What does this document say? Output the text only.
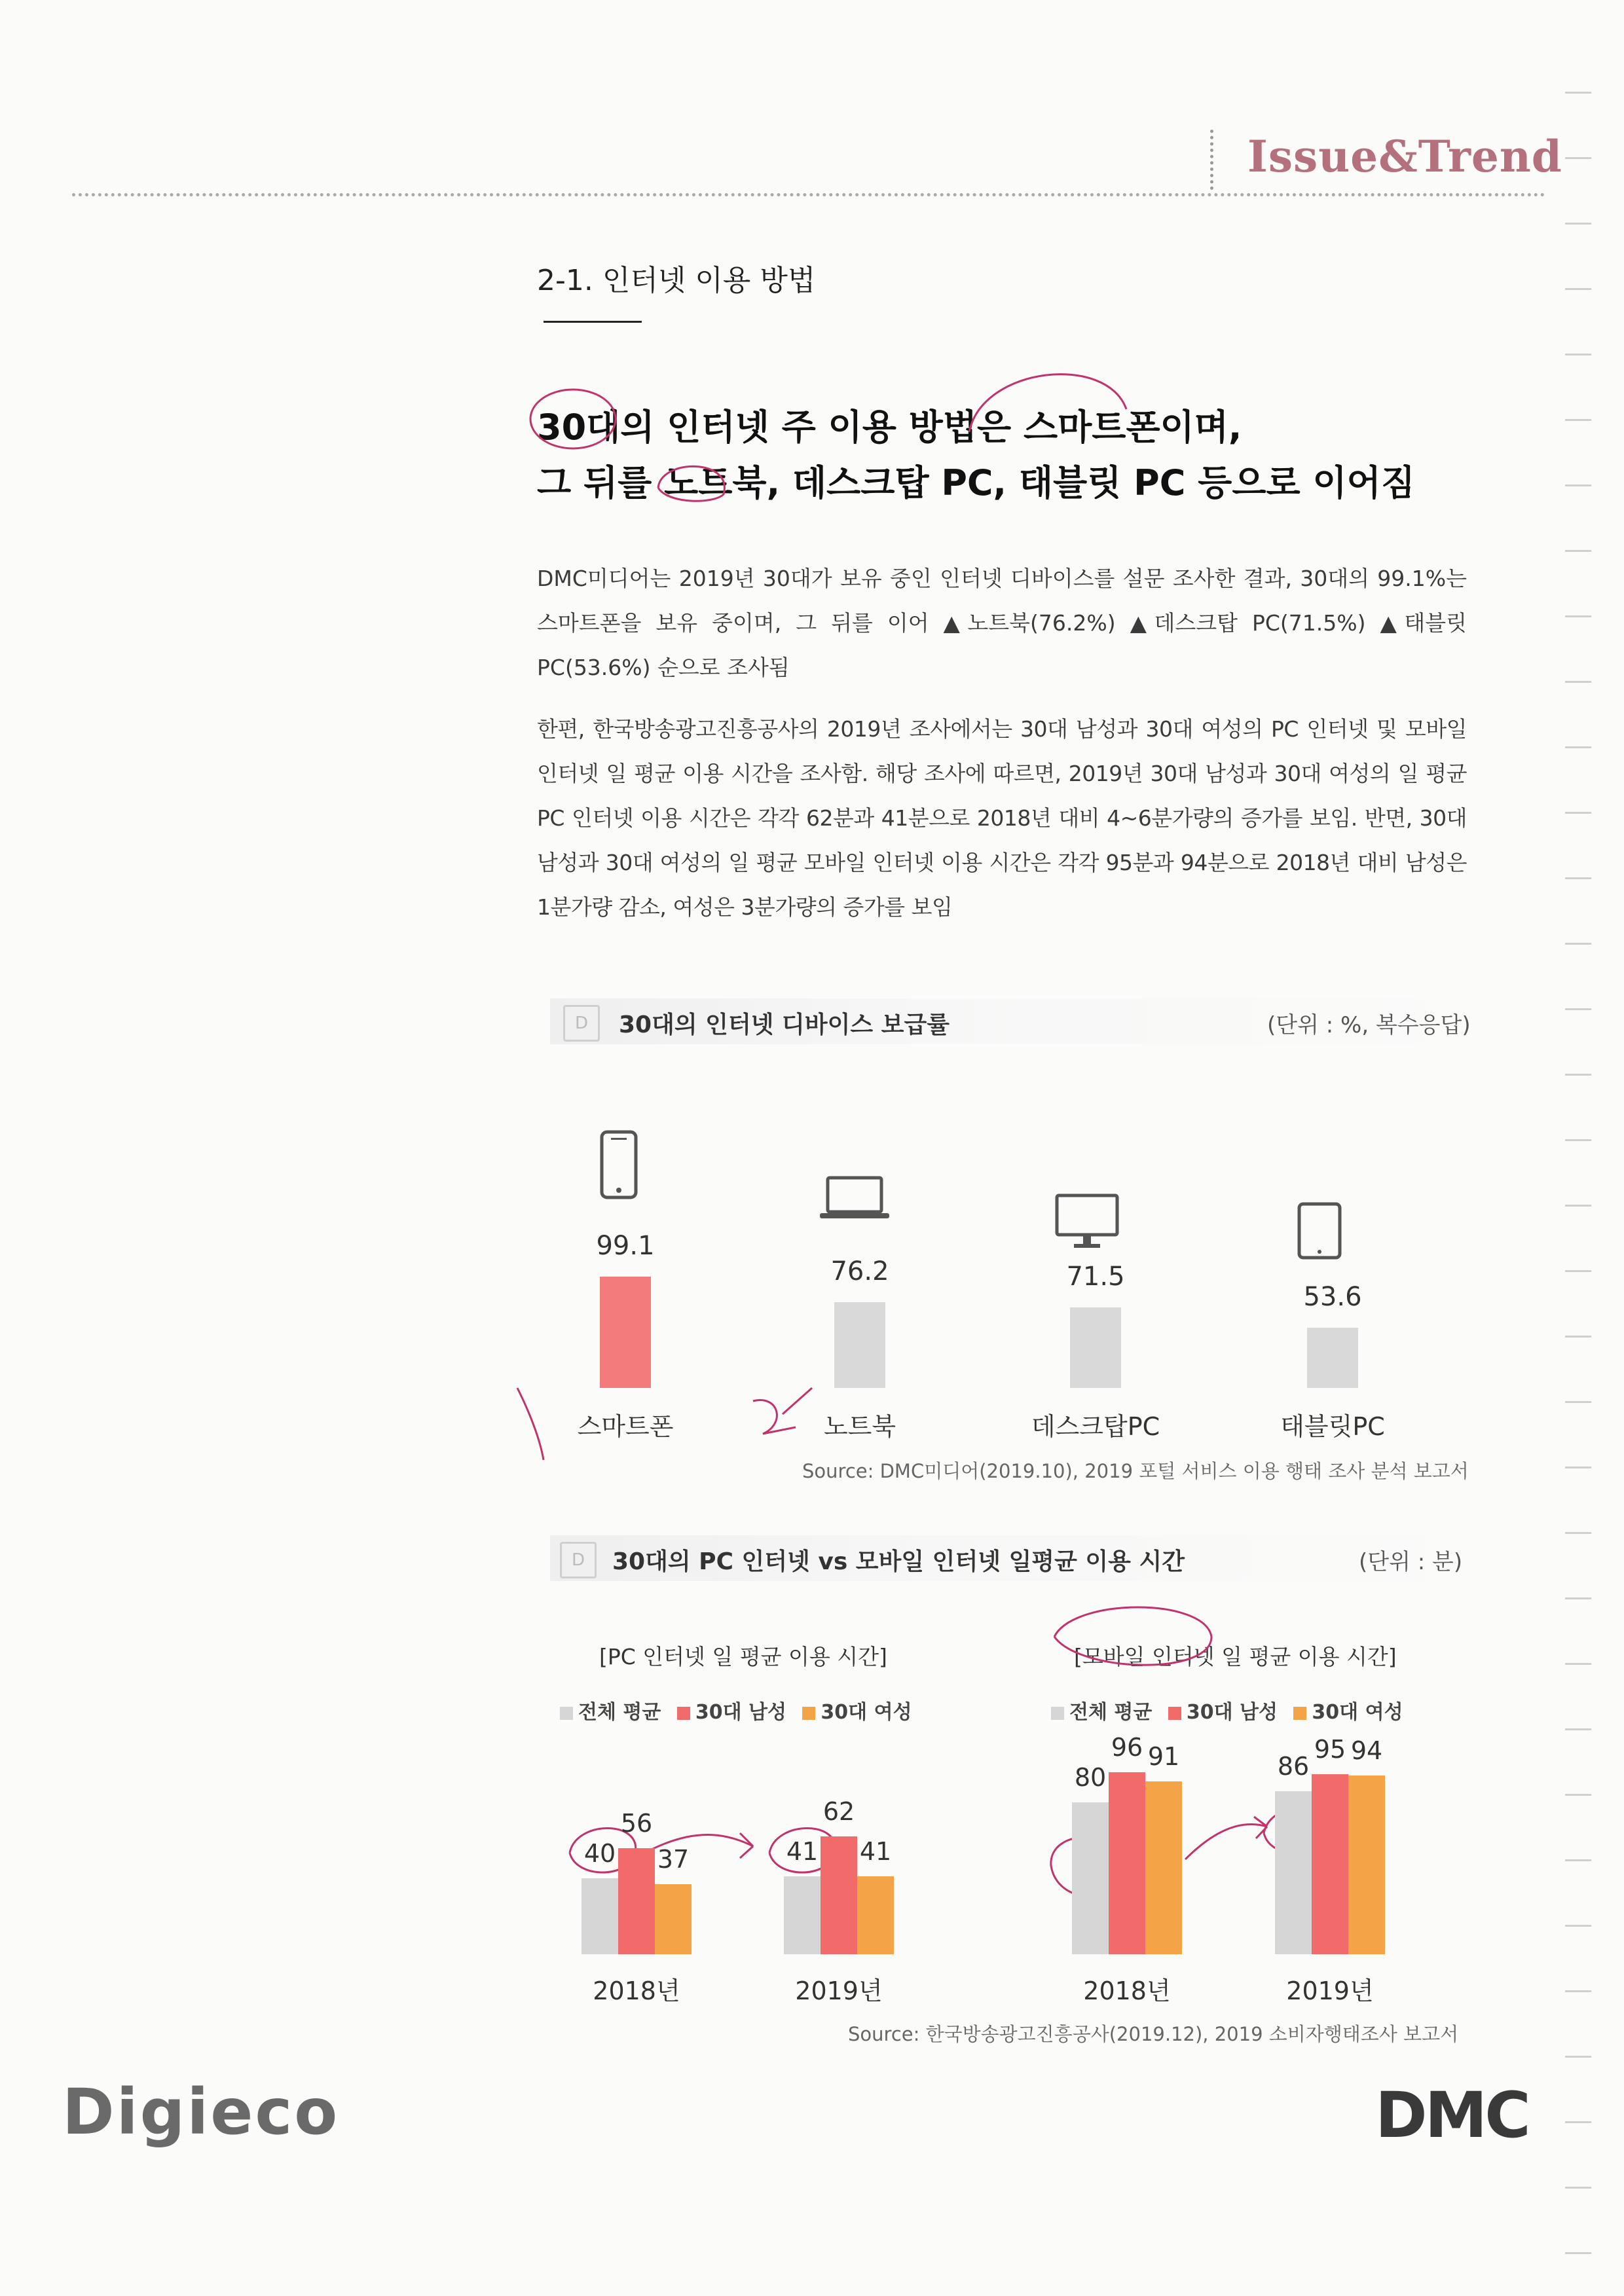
Issue&Trend
2-1. 인터넷 이용 방법
30대의 인터넷 주 이용 방법은 스마트폰이며,
그 뒤를 노트북, 데스크탑 PC, 태블릿 PC 등으로 이어짐
DMC미디어는 2019년 30대가 보유 중인 인터넷 디바이스를 설문 조사한 결과, 30대의 99.1%는 스마트폰을 보유 중이며, 그 뒤를 이어 ▲노트북(76.2%) ▲데스크탑 PC(71.5%) ▲태블릿PC(53.6%) 순으로 조사됨
한편, 한국방송광고진흥공사의 2019년 조사에서는 30대 남성과 30대 여성의 PC 인터넷 및 모바일 인터넷 일 평균 이용 시간을 조사함. 해당 조사에 따르면, 2019년 30대 남성과 30대 여성의 일 평균 PC 인터넷 이용 시간은 각각 62분과 41분으로 2018년 대비 4~6분가량의 증가를 보임. 반면, 30대 남성과 30대 여성의 일 평균 모바일 인터넷 이용 시간은 각각 95분과 94분으로 2018년 대비 남성은 1분가량 감소, 여성은 3분가량의 증가를 보임
D	30대의 인터넷 디바이스 보급률	(단위 : %, 복수응답)
Source: DMC미디어(2019.10), 2019 포털 서비스 이용 행태 조사 분석 보고서
D	30대의 PC 인터넷 vs 모바일 인터넷 일평균 이용 시간	(단위 : 분)
[PC 인터넷 일 평균 이용 시간]	[모바일 인터넷 일 평균 이용 시간]
전체 평균 30대 남성 30대 여성	전체 평균 30대 남성 30대 여성
Source: 한국방송광고진흥공사(2019.12), 2019 소비자행태조사 보고서
Digieco	DMC
99.1
스마트폰
76.2
노트북
71.5
데스크탑PC
53.6
태블릿PC
40
56
37
2018년
41
62
41
2019년
80
96 91
2018년
86
95 94
2019년
